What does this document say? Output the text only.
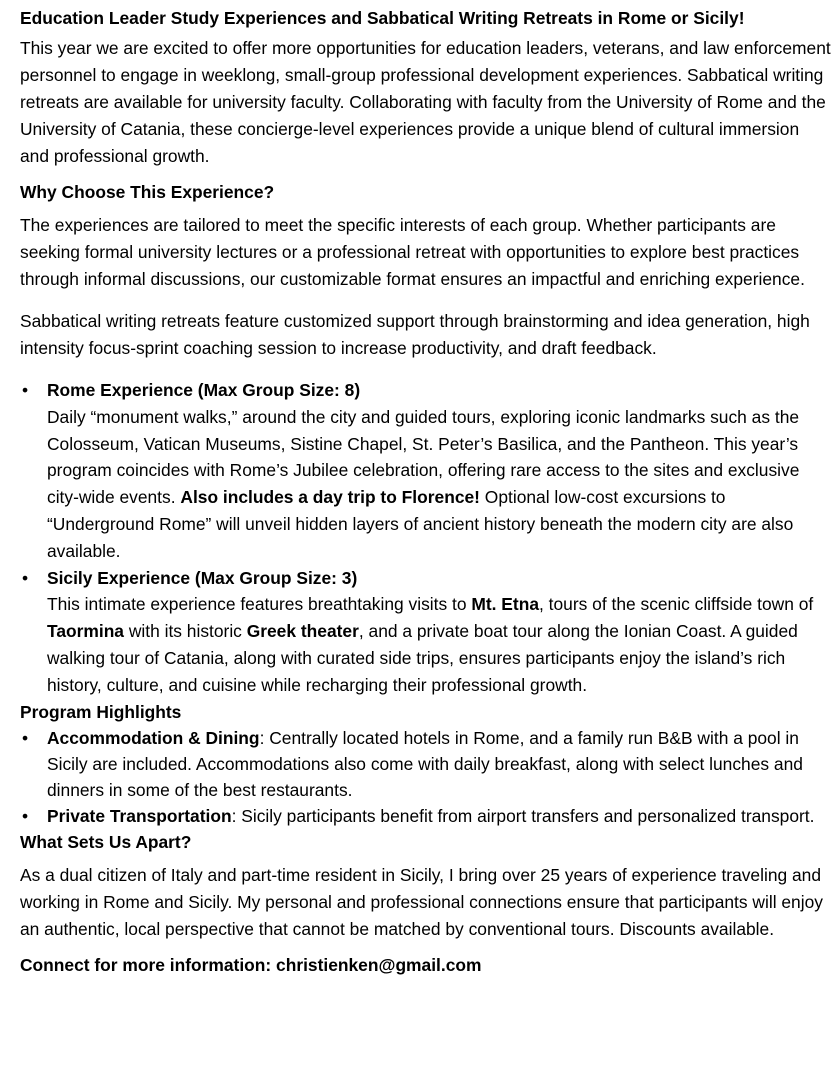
Education Leader Study Experiences and Sabbatical Writing Retreats in Rome or Sicily!

This year we are excited to offer more opportunities for education leaders, veterans, and law enforcement personnel to engage in weeklong, small-group professional development experiences. Sabbatical writing retreats are available for university faculty. Collaborating with faculty from the University of Rome and the University of Catania, these concierge-level experiences provide a unique blend of cultural immersion and professional growth.

Why Choose This Experience?

The experiences are tailored to meet the specific interests of each group. Whether participants are seeking formal university lectures or a professional retreat with opportunities to explore best practices through informal discussions, our customizable format ensures an impactful and enriching experience.

Sabbatical writing retreats feature customized support through brainstorming and idea generation, high intensity focus-sprint coaching session to increase productivity, and draft feedback.

• Rome Experience (Max Group Size: 8)
Daily “monument walks,” around the city and guided tours, exploring iconic landmarks such as the Colosseum, Vatican Museums, Sistine Chapel, St. Peter’s Basilica, and the Pantheon. This year’s program coincides with Rome’s Jubilee celebration, offering rare access to the sites and exclusive city-wide events. Also includes a day trip to Florence! Optional low-cost excursions to “Underground Rome” will unveil hidden layers of ancient history beneath the modern city are also available.
• Sicily Experience (Max Group Size: 3)
This intimate experience features breathtaking visits to Mt. Etna, tours of the scenic cliffside town of Taormina with its historic Greek theater, and a private boat tour along the Ionian Coast. A guided walking tour of Catania, along with curated side trips, ensures participants enjoy the island’s rich history, culture, and cuisine while recharging their professional growth.
Program Highlights
• Accommodation & Dining: Centrally located hotels in Rome, and a family run B&B with a pool in Sicily are included. Accommodations also come with daily breakfast, along with select lunches and dinners in some of the best restaurants.
• Private Transportation: Sicily participants benefit from airport transfers and personalized transport.
What Sets Us Apart?

As a dual citizen of Italy and part-time resident in Sicily, I bring over 25 years of experience traveling and working in Rome and Sicily. My personal and professional connections ensure that participants will enjoy an authentic, local perspective that cannot be matched by conventional tours. Discounts available.

Connect for more information: christienken@gmail.com
